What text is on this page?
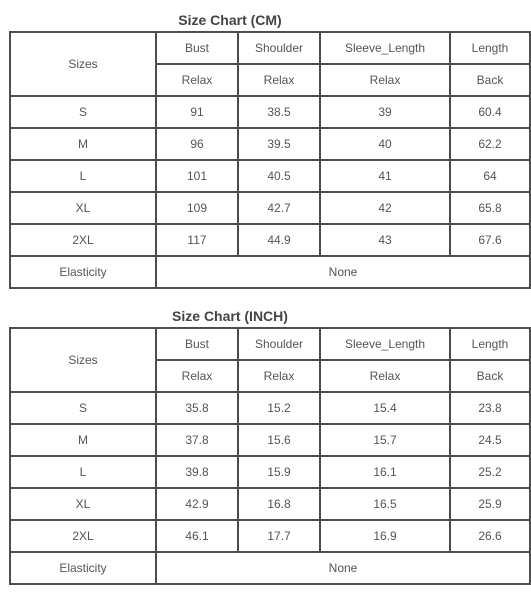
Size Chart (CM)
Sizes	Bust	Shoulder	Sleeve_Length	Length
	Relax	Relax	Relax	Back
S	91	38.5	39	60.4
M	96	39.5	40	62.2
L	101	40.5	41	64
XL	109	42.7	42	65.8
2XL	117	44.9	43	67.6
Elasticity	None			
Size Chart (INCH)
Sizes	Bust	Shoulder	Sleeve_Length	Length
	Relax	Relax	Relax	Back
S	35.8	15.2	15.4	23.8
M	37.8	15.6	15.7	24.5
L	39.8	15.9	16.1	25.2
XL	42.9	16.8	16.5	25.9
2XL	46.1	17.7	16.9	26.6
Elasticity	None			
